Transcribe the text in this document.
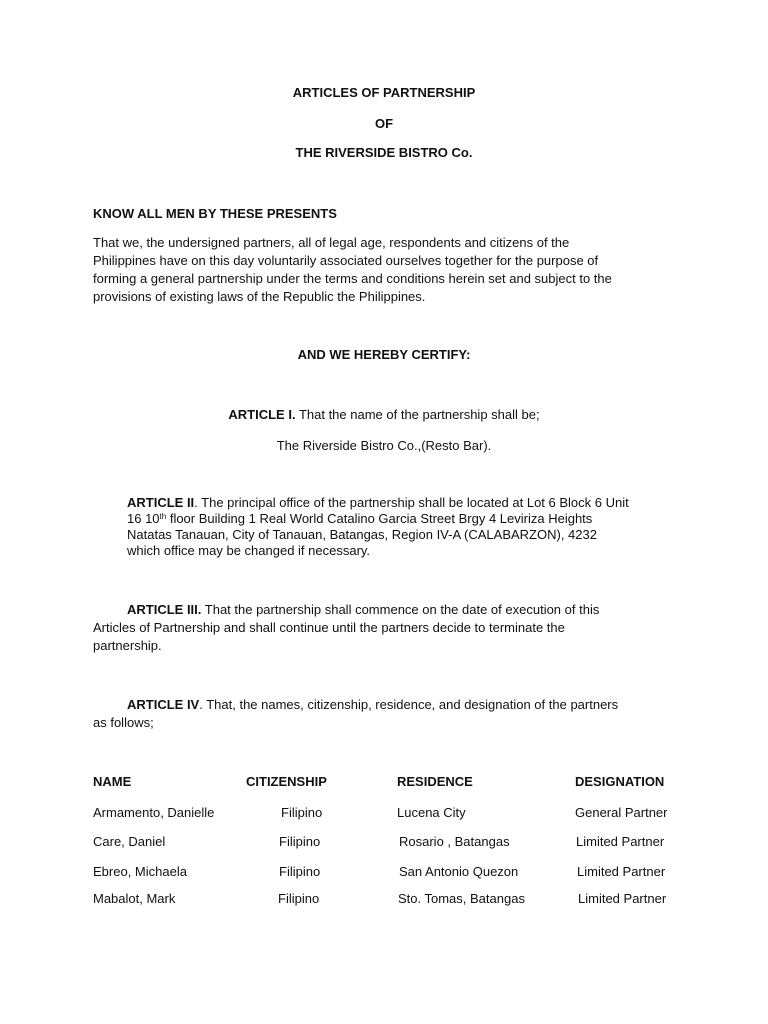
ARTICLES OF PARTNERSHIP

OF

THE RIVERSIDE BISTRO Co.

KNOW ALL MEN BY THESE PRESENTS

That we, the undersigned partners, all of legal age, respondents and citizens of the
Philippines have on this day voluntarily associated ourselves together for the purpose of
forming a general partnership under the terms and conditions herein set and subject to the
provisions of existing laws of the Republic the Philippines.

AND WE HEREBY CERTIFY:

ARTICLE I. That the name of the partnership shall be;

The Riverside Bistro Co.,(Resto Bar).

ARTICLE II. The principal office of the partnership shall be located at Lot 6 Block 6 Unit
16 10th floor Building 1 Real World Catalino Garcia Street Brgy 4 Leviriza Heights
Natatas Tanauan, City of Tanauan, Batangas, Region IV-A (CALABARZON), 4232
which office may be changed if necessary.
ARTICLE III. That the partnership shall commence on the date of execution of this
Articles of Partnership and shall continue until the partners decide to terminate the
partnership.
ARTICLE IV. That, the names, citizenship, residence, and designation of the partners
as follows;

NAME	CITIZENSHIP	RESIDENCE	DESIGNATION

Armamento, Danielle	Filipino	Lucena City	General Partner

Care, Daniel	Filipino	Rosario , Batangas	Limited Partner

Ebreo, Michaela	Filipino	San Antonio Quezon	Limited Partner

Mabalot, Mark	Filipino	Sto. Tomas, Batangas	Limited Partner
